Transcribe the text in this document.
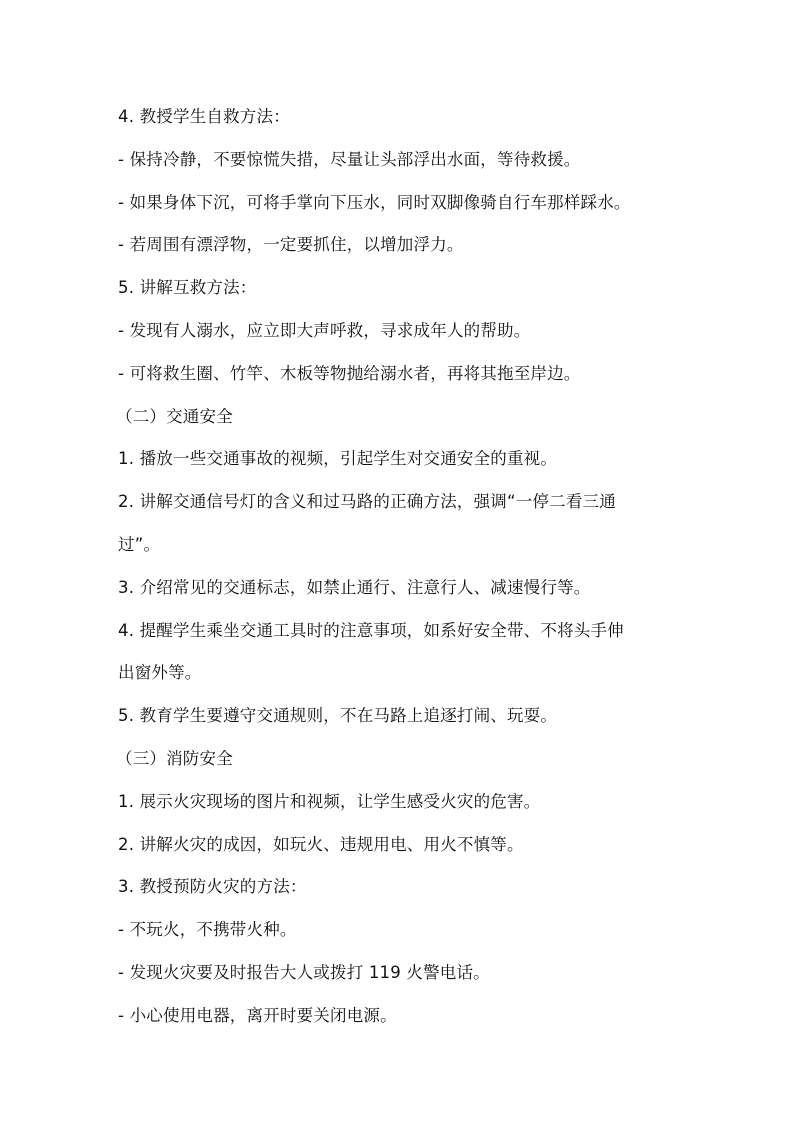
4. 教授学生自救方法：
- 保持冷静，不要惊慌失措，尽量让头部浮出水面，等待救援。
- 如果身体下沉，可将手掌向下压水，同时双脚像骑自行车那样踩水。
- 若周围有漂浮物，一定要抓住，以增加浮力。
5. 讲解互救方法：
- 发现有人溺水，应立即大声呼救，寻求成年人的帮助。
- 可将救生圈、竹竿、木板等物抛给溺水者，再将其拖至岸边。
（二）交通安全
1. 播放一些交通事故的视频，引起学生对交通安全的重视。
2. 讲解交通信号灯的含义和过马路的正确方法，强调“一停二看三通
过”。
3. 介绍常见的交通标志，如禁止通行、注意行人、减速慢行等。
4. 提醒学生乘坐交通工具时的注意事项，如系好安全带、不将头手伸
出窗外等。
5. 教育学生要遵守交通规则，不在马路上追逐打闹、玩耍。
（三）消防安全
1. 展示火灾现场的图片和视频，让学生感受火灾的危害。
2. 讲解火灾的成因，如玩火、违规用电、用火不慎等。
3. 教授预防火灾的方法：
- 不玩火，不携带火种。
- 发现火灾要及时报告大人或拨打 119 火警电话。
- 小心使用电器，离开时要关闭电源。
